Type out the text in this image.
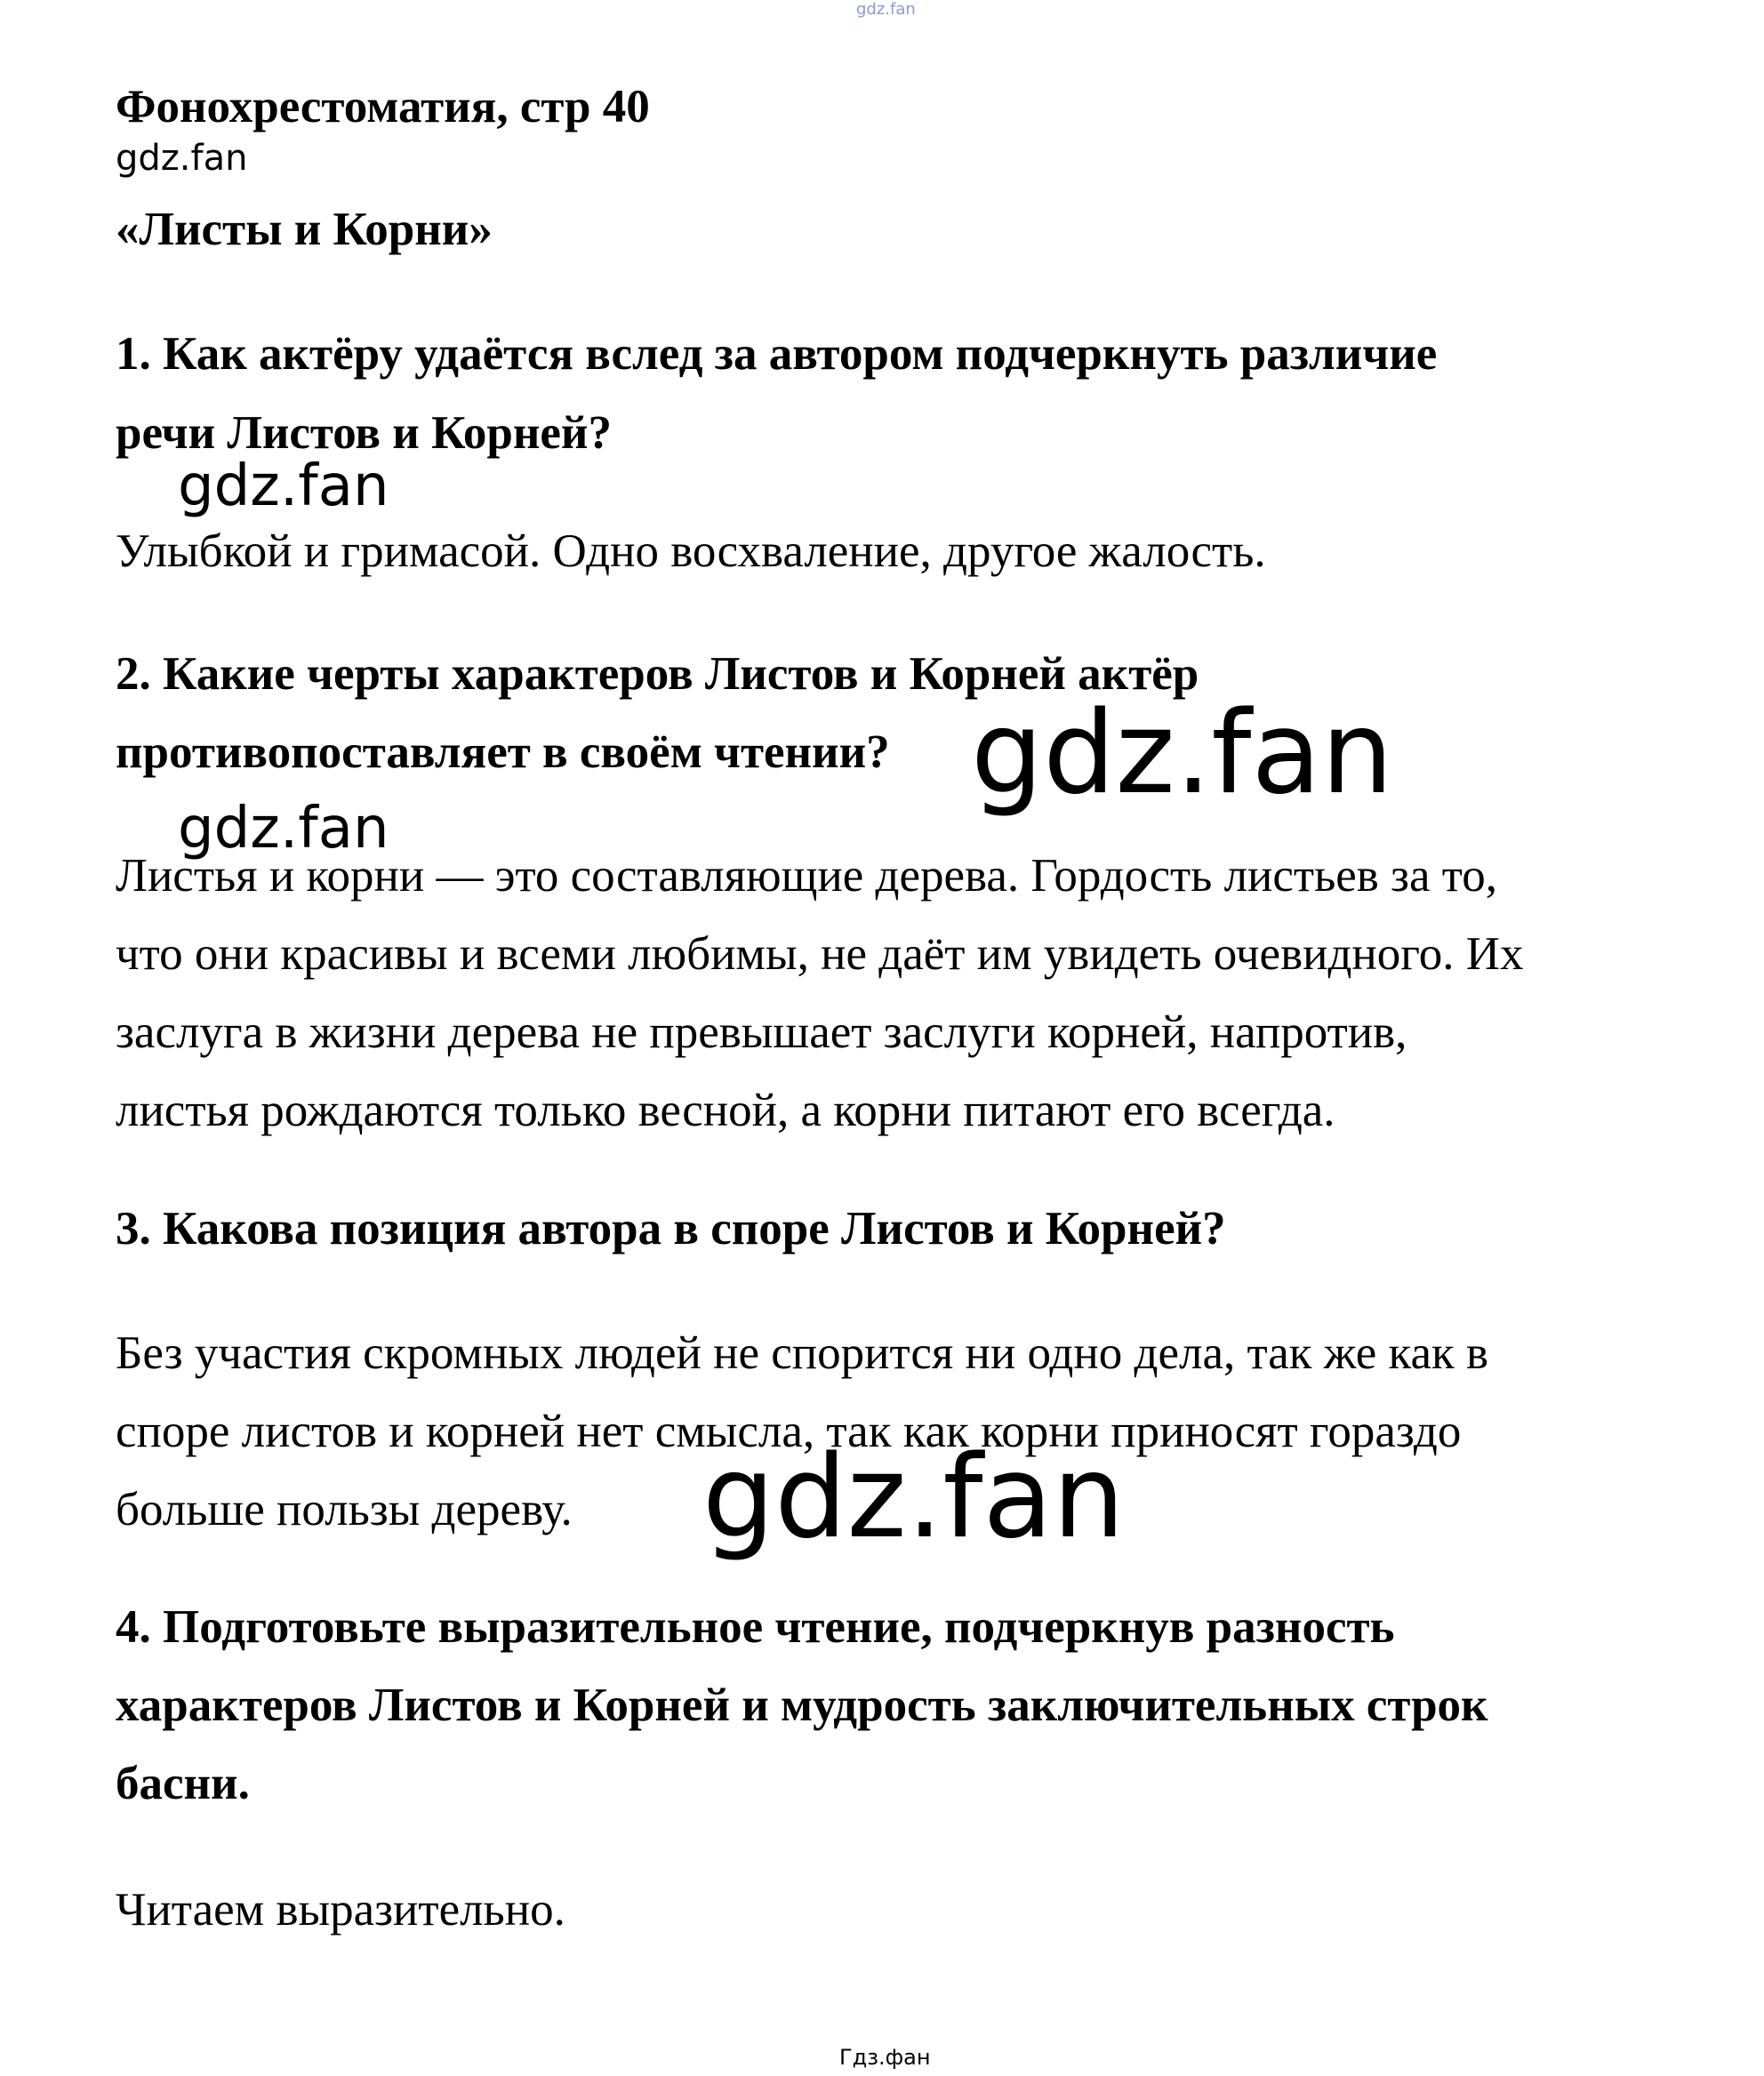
gdz.fan
Фонохрестоматия, стр 40
gdz.fan
«Листы и Корни»
1. Как актёру удаётся вслед за автором подчеркнуть различие
речи Листов и Корней?
gdz.fan
Улыбкой и гримасой. Одно восхваление, другое жалость.
2. Какие черты характеров Листов и Корней актёр
противопоставляет в своём чтении? gdz.fan
gdz.fan
Листья и корни — это составляющие дерева. Гордость листьев за то,
что они красивы и всеми любимы, не даёт им увидеть очевидного. Их
заслуга в жизни дерева не превышает заслуги корней, напротив,
листья рождаются только весной, а корни питают его всегда.
3. Какова позиция автора в споре Листов и Корней?
Без участия скромных людей не спорится ни одно дела, так же как в
споре листов и корней нет смысла, так как корни приносят гораздо
больше пользы дереву. gdz.fan
4. Подготовьте выразительное чтение, подчеркнув разность
характеров Листов и Корней и мудрость заключительных строк
басни.
Читаем выразительно.
Гдз.фан
